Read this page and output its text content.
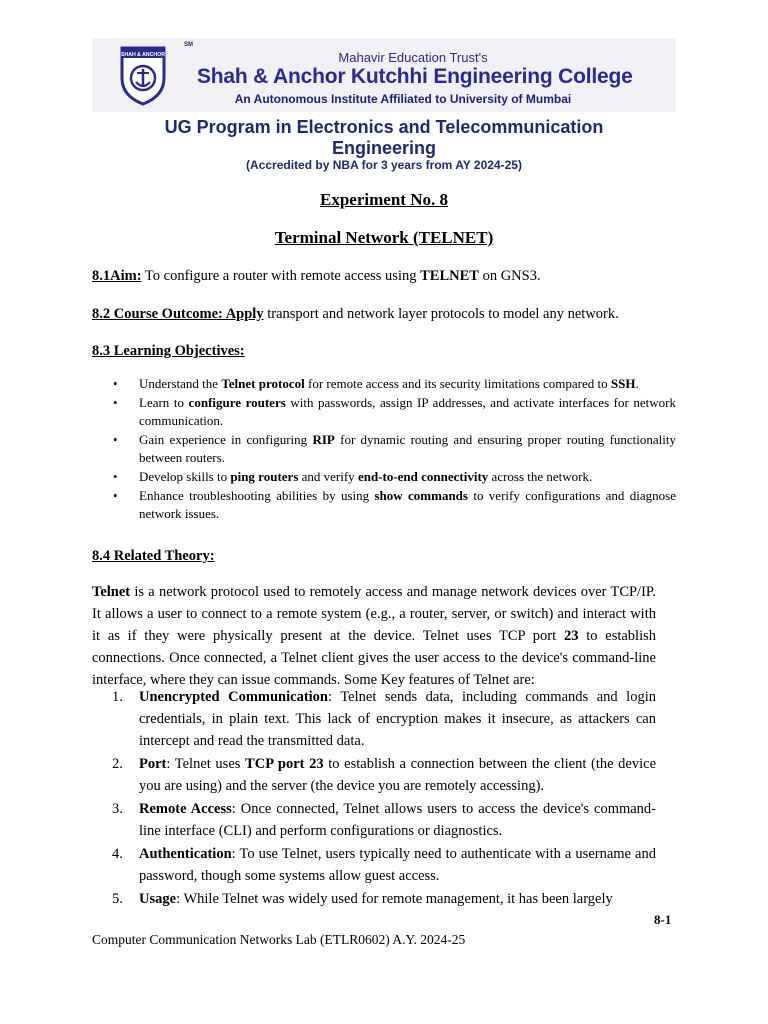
SHAH & ANCHOR
SM
Mahavir Education Trust's
Shah & Anchor Kutchhi Engineering College
An Autonomous Institute Affiliated to University of Mumbai
UG Program in Electronics and Telecommunication
Engineering
(Accredited by NBA for 3 years from AY 2024-25)
Experiment No. 8
Terminal Network (TELNET)
8.1Aim: To configure a router with remote access using TELNET on GNS3.
8.2 Course Outcome: Apply transport and network layer protocols to model any network.
8.3 Learning Objectives:
• Understand the Telnet protocol for remote access and its security limitations compared to SSH.
• Learn to configure routers with passwords, assign IP addresses, and activate interfaces for network communication.
• Gain experience in configuring RIP for dynamic routing and ensuring proper routing functionality between routers.
• Develop skills to ping routers and verify end-to-end connectivity across the network.
• Enhance troubleshooting abilities by using show commands to verify configurations and diagnose network issues.
8.4 Related Theory:
Telnet is a network protocol used to remotely access and manage network devices over TCP/IP. It allows a user to connect to a remote system (e.g., a router, server, or switch) and interact with it as if they were physically present at the device. Telnet uses TCP port 23 to establish connections. Once connected, a Telnet client gives the user access to the device's command-line interface, where they can issue commands. Some Key features of Telnet are:
1. Unencrypted Communication: Telnet sends data, including commands and login credentials, in plain text. This lack of encryption makes it insecure, as attackers can intercept and read the transmitted data.
2. Port: Telnet uses TCP port 23 to establish a connection between the client (the device you are using) and the server (the device you are remotely accessing).
3. Remote Access: Once connected, Telnet allows users to access the device's command-line interface (CLI) and perform configurations or diagnostics.
4. Authentication: To use Telnet, users typically need to authenticate with a username and password, though some systems allow guest access.
5. Usage: While Telnet was widely used for remote management, it has been largely
8-1
Computer Communication Networks Lab (ETLR0602) A.Y. 2024-25
